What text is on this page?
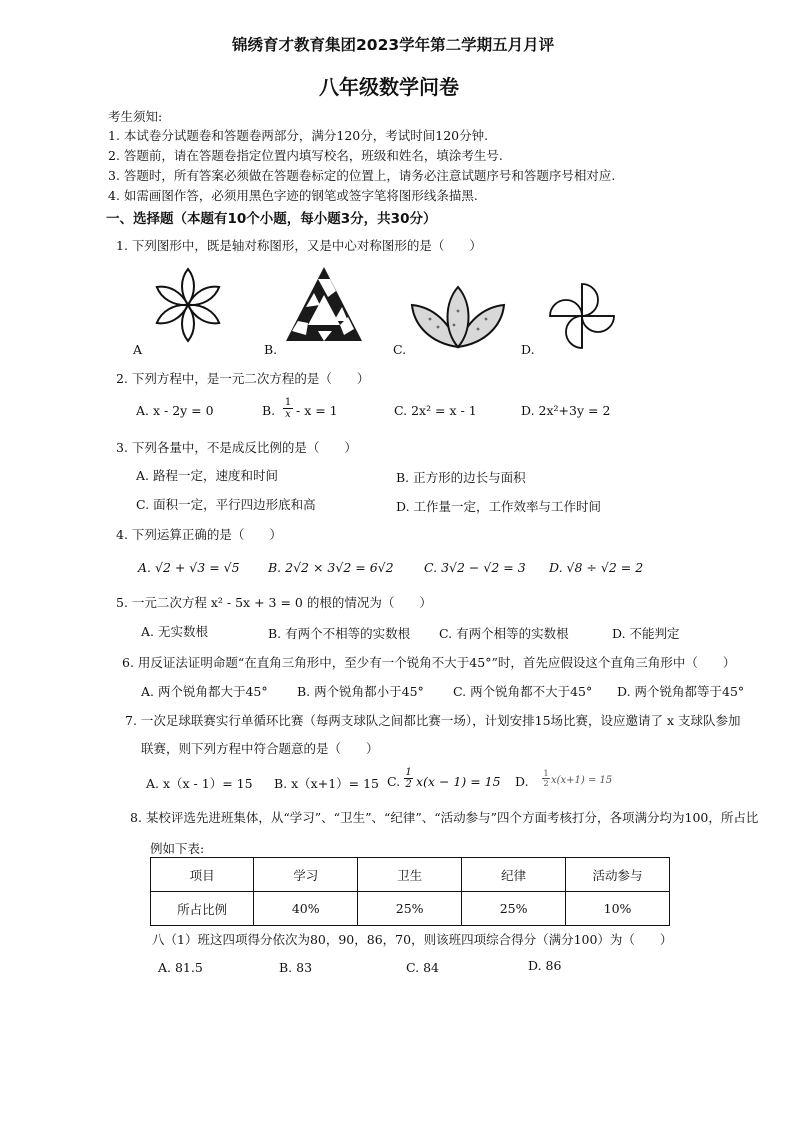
锦绣育才教育集团2023学年第二学期五月月评
八年级数学问卷
考生须知:
1. 本试卷分试题卷和答题卷两部分，满分120分，考试时间120分钟.
2. 答题前，请在答题卷指定位置内填写校名，班级和姓名，填涂考生号.
3. 答题时，所有答案必须做在答题卷标定的位置上，请务必注意试题序号和答题序号相对应.
4. 如需画图作答，必须用黑色字迹的钢笔或签字笔将图形线条描黑.
一、选择题（本题有10个小题，每小题3分，共30分）
1. 下列图形中，既是轴对称图形，又是中心对称图形的是（　　）
A	B.	C.	D.
2. 下列方程中，是一元二次方程的是（　　）
A. x - 2y = 0	B. $\frac{1}{x} - x = 1$	C. 2x² = x - 1	D. 2x²+3y = 2
3. 下列各量中，不是成反比例的是（　　）
A. 路程一定，速度和时间	B. 正方形的边长与面积
C. 面积一定，平行四边形底和高	D. 工作量一定，工作效率与工作时间
4. 下列运算正确的是（　　）
A. √2 + √3 = √5 B. 2√2 × 3√2 = 6√2 C. 3√2 − √2 = 3 D. √8 ÷ √2 = 2
5. 一元二次方程 x² - 5x + 3 = 0 的根的情况为（　　）
A. 无实数根	B. 有两个不相等的实数根 C. 有两个相等的实数根	D. 不能判定
6. 用反证法证明命题“在直角三角形中，至少有一个锐角不大于45°”时，首先应假设这个直角三角形中（　　）
A. 两个锐角都大于45° B. 两个锐角都小于45° C. 两个锐角都不大于45° D. 两个锐角都等于45°
7. 一次足球联赛实行单循环比赛（每两支球队之间都比赛一场），计划安排15场比赛，设应邀请了 x 支球队参加
联赛，则下列方程中符合题意的是（　　）
A. x（x - 1）= 15 B. x（x+1）= 15 C. $\frac{1}{2} x(x - 1) = 15$ D. $\frac{1}{2} x(x+1) = 15$
8. 某校评选先进班集体，从“学习”、“卫生”、“纪律”、“活动参与”四个方面考核打分，各项满分均为100，所占比
例如下表:
项目	学习	卫生	纪律	活动参与
所占比例	40%	25%	25%	10%
八（1）班这四项得分依次为80，90，86，70，则该班四项综合得分（满分100）为（　　）
A. 81.5	B. 83	C. 84	D. 86
